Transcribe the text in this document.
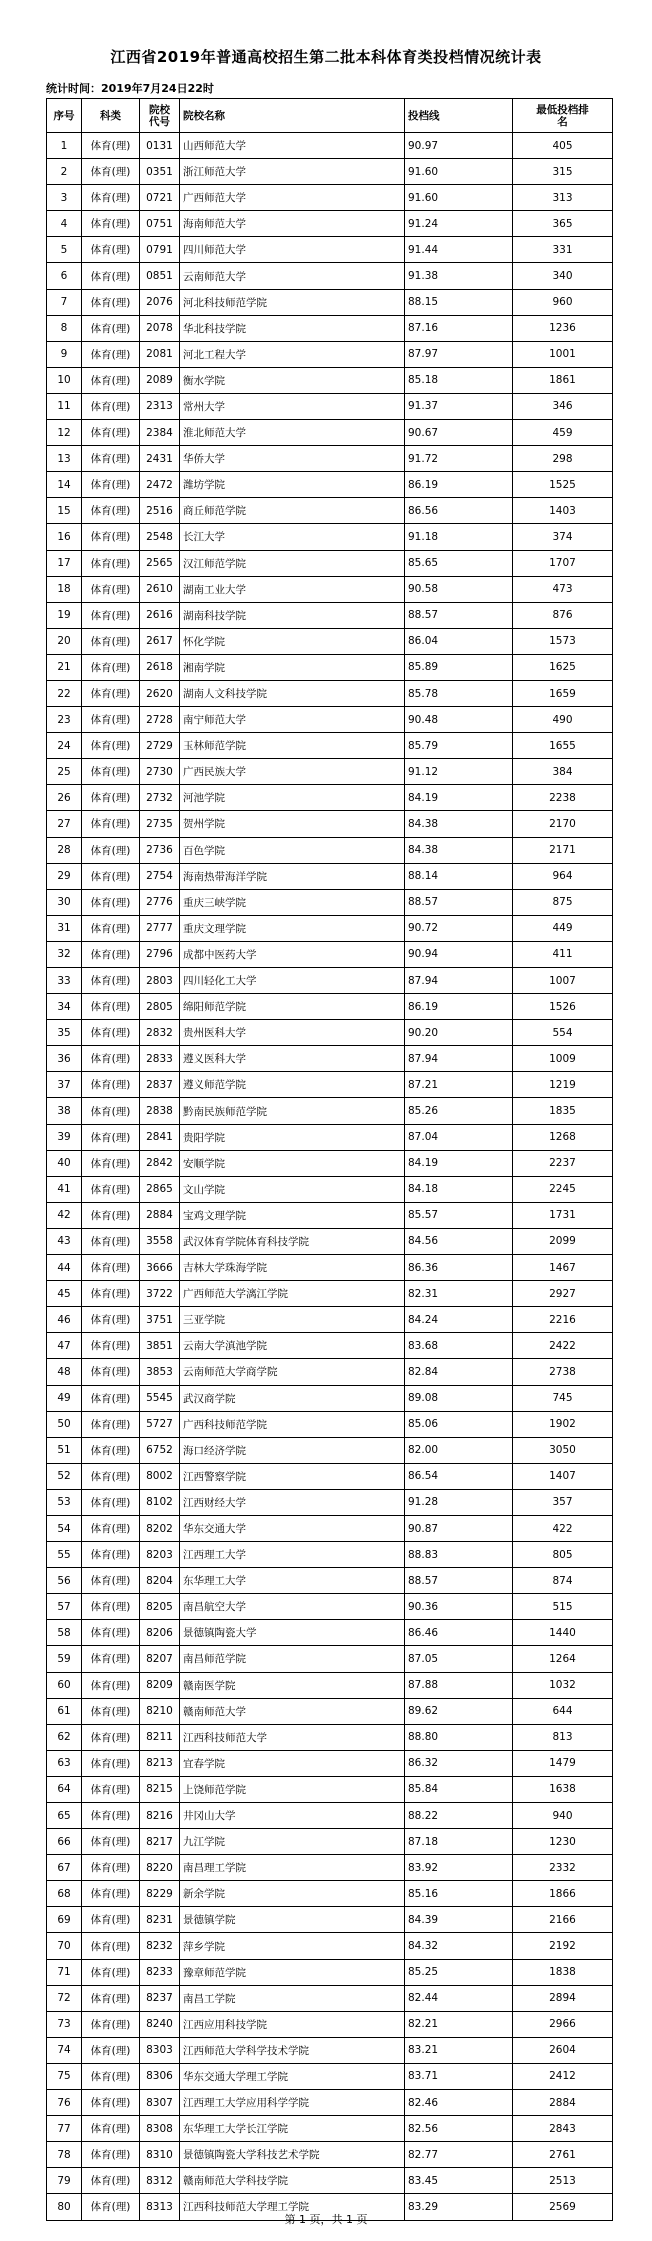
江西省2019年普通高校招生第二批本科体育类投档情况统计表
统计时间：2019年7月24日22时
序号	科类	院校代号	院校名称	投档线	最低投档排名
1	体育(理)	0131	山西师范大学	90.97	405
2	体育(理)	0351	浙江师范大学	91.60	315
3	体育(理)	0721	广西师范大学	91.60	313
4	体育(理)	0751	海南师范大学	91.24	365
5	体育(理)	0791	四川师范大学	91.44	331
6	体育(理)	0851	云南师范大学	91.38	340
7	体育(理)	2076	河北科技师范学院	88.15	960
8	体育(理)	2078	华北科技学院	87.16	1236
9	体育(理)	2081	河北工程大学	87.97	1001
10	体育(理)	2089	衡水学院	85.18	1861
11	体育(理)	2313	常州大学	91.37	346
12	体育(理)	2384	淮北师范大学	90.67	459
13	体育(理)	2431	华侨大学	91.72	298
14	体育(理)	2472	潍坊学院	86.19	1525
15	体育(理)	2516	商丘师范学院	86.56	1403
16	体育(理)	2548	长江大学	91.18	374
17	体育(理)	2565	汉江师范学院	85.65	1707
18	体育(理)	2610	湖南工业大学	90.58	473
19	体育(理)	2616	湖南科技学院	88.57	876
20	体育(理)	2617	怀化学院	86.04	1573
21	体育(理)	2618	湘南学院	85.89	1625
22	体育(理)	2620	湖南人文科技学院	85.78	1659
23	体育(理)	2728	南宁师范大学	90.48	490
24	体育(理)	2729	玉林师范学院	85.79	1655
25	体育(理)	2730	广西民族大学	91.12	384
26	体育(理)	2732	河池学院	84.19	2238
27	体育(理)	2735	贺州学院	84.38	2170
28	体育(理)	2736	百色学院	84.38	2171
29	体育(理)	2754	海南热带海洋学院	88.14	964
30	体育(理)	2776	重庆三峡学院	88.57	875
31	体育(理)	2777	重庆文理学院	90.72	449
32	体育(理)	2796	成都中医药大学	90.94	411
33	体育(理)	2803	四川轻化工大学	87.94	1007
34	体育(理)	2805	绵阳师范学院	86.19	1526
35	体育(理)	2832	贵州医科大学	90.20	554
36	体育(理)	2833	遵义医科大学	87.94	1009
37	体育(理)	2837	遵义师范学院	87.21	1219
38	体育(理)	2838	黔南民族师范学院	85.26	1835
39	体育(理)	2841	贵阳学院	87.04	1268
40	体育(理)	2842	安顺学院	84.19	2237
41	体育(理)	2865	文山学院	84.18	2245
42	体育(理)	2884	宝鸡文理学院	85.57	1731
43	体育(理)	3558	武汉体育学院体育科技学院	84.56	2099
44	体育(理)	3666	吉林大学珠海学院	86.36	1467
45	体育(理)	3722	广西师范大学漓江学院	82.31	2927
46	体育(理)	3751	三亚学院	84.24	2216
47	体育(理)	3851	云南大学滇池学院	83.68	2422
48	体育(理)	3853	云南师范大学商学院	82.84	2738
49	体育(理)	5545	武汉商学院	89.08	745
50	体育(理)	5727	广西科技师范学院	85.06	1902
51	体育(理)	6752	海口经济学院	82.00	3050
52	体育(理)	8002	江西警察学院	86.54	1407
53	体育(理)	8102	江西财经大学	91.28	357
54	体育(理)	8202	华东交通大学	90.87	422
55	体育(理)	8203	江西理工大学	88.83	805
56	体育(理)	8204	东华理工大学	88.57	874
57	体育(理)	8205	南昌航空大学	90.36	515
58	体育(理)	8206	景德镇陶瓷大学	86.46	1440
59	体育(理)	8207	南昌师范学院	87.05	1264
60	体育(理)	8209	赣南医学院	87.88	1032
61	体育(理)	8210	赣南师范大学	89.62	644
62	体育(理)	8211	江西科技师范大学	88.80	813
63	体育(理)	8213	宜春学院	86.32	1479
64	体育(理)	8215	上饶师范学院	85.84	1638
65	体育(理)	8216	井冈山大学	88.22	940
66	体育(理)	8217	九江学院	87.18	1230
67	体育(理)	8220	南昌理工学院	83.92	2332
68	体育(理)	8229	新余学院	85.16	1866
69	体育(理)	8231	景德镇学院	84.39	2166
70	体育(理)	8232	萍乡学院	84.32	2192
71	体育(理)	8233	豫章师范学院	85.25	1838
72	体育(理)	8237	南昌工学院	82.44	2894
73	体育(理)	8240	江西应用科技学院	82.21	2966
74	体育(理)	8303	江西师范大学科学技术学院	83.21	2604
75	体育(理)	8306	华东交通大学理工学院	83.71	2412
76	体育(理)	8307	江西理工大学应用科学学院	82.46	2884
77	体育(理)	8308	东华理工大学长江学院	82.56	2843
78	体育(理)	8310	景德镇陶瓷大学科技艺术学院	82.77	2761
79	体育(理)	8312	赣南师范大学科技学院	83.45	2513
80	体育(理)	8313	江西科技师范大学理工学院	83.29	2569
第 1 页，共 1 页
